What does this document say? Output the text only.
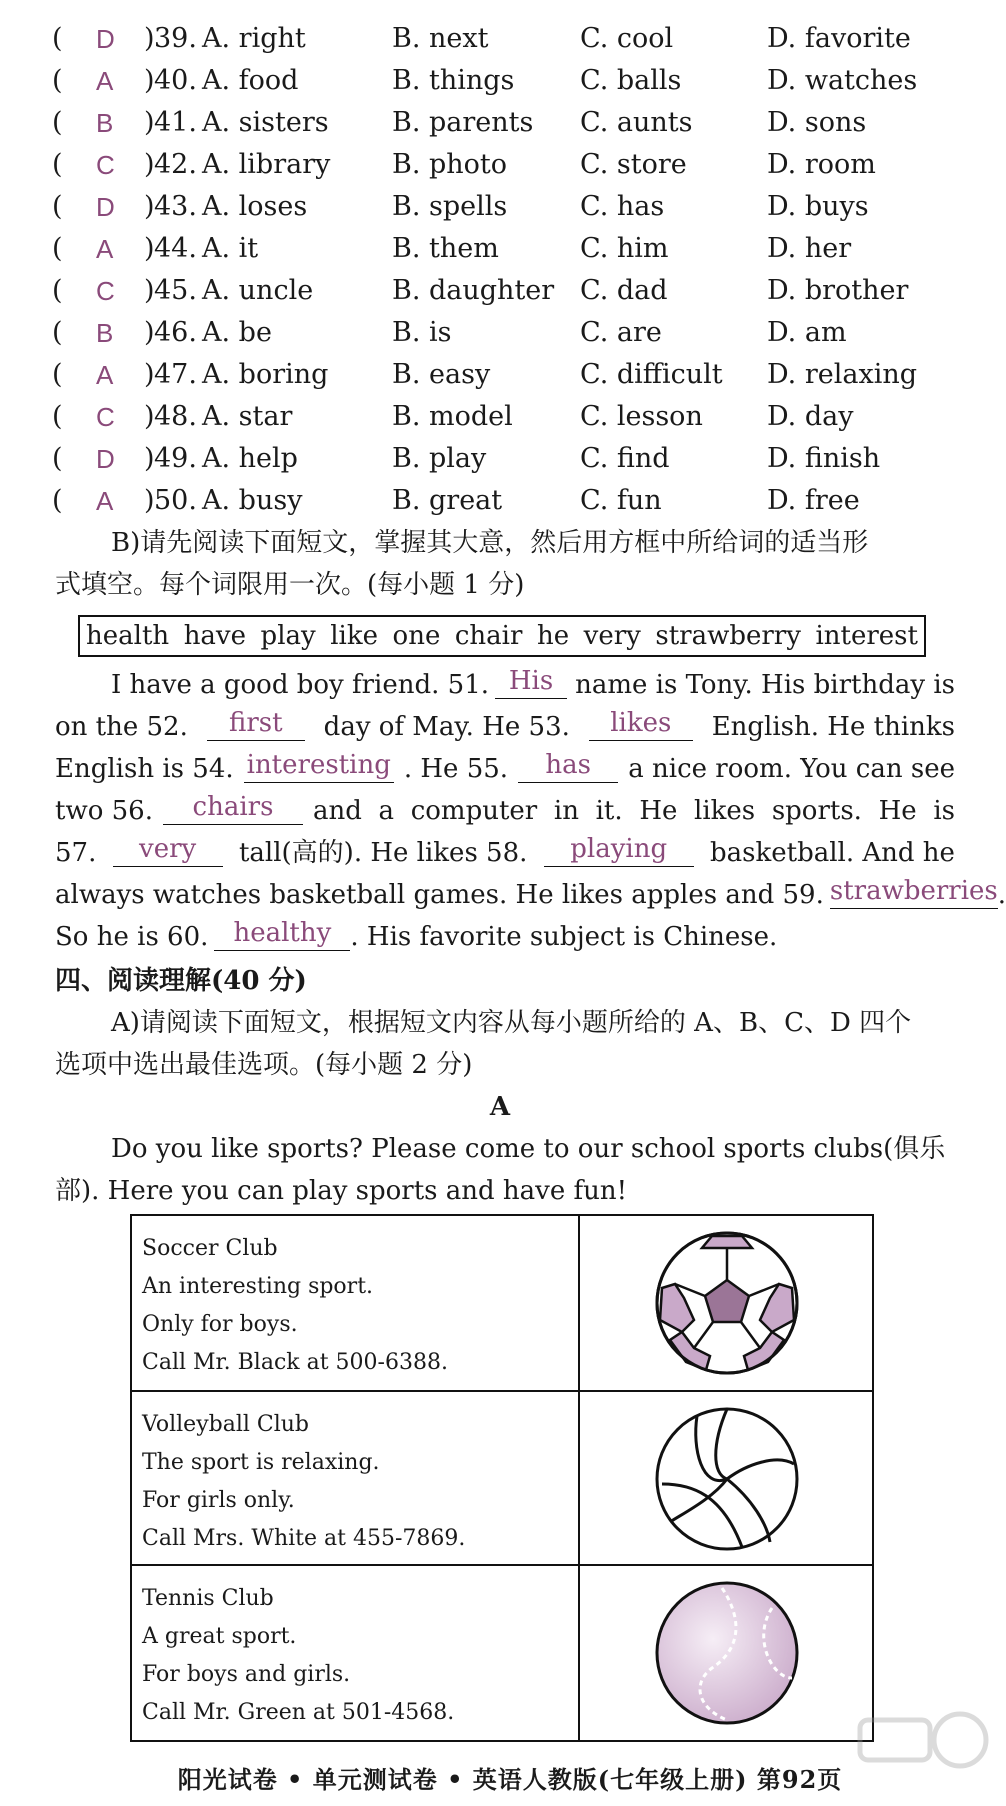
( D ) 39. A. right	B. next	C. cool	D. favorite
( A ) 40. A. food	B. things C. balls	D. watches
( B ) 41. A. sisters B. parents C. aunts	D. sons
( C ) 42. A. library B. photo	C. store	D. room
( D ) 43. A. loses	B. spells	C. has	D. buys
( A ) 44. A. it	B. them	C. him	D. her
( C ) 45. A. uncle	B. daughter C. dad	D. brother
( B ) 46. A. be	B. is	C. are	D. am
( A ) 47. A. boring B. easy	C. difficult D. relaxing
( C ) 48. A. star	B. model C. lesson D. day
( D ) 49. A. help	B. play	C. find	D. finish
( A ) 50. A. busy	B. great	C. fun	D. free
B)请先阅读下面短文，掌握其大意，然后用方框中所给词的适当形
式填空。每个词限用一次。(每小题 1 分)
health have play like one chair he very strawberry interest
I have a good boy friend. 51. His name is Tony. His birthday is
on the 52.	first	day of May. He 53.	likes	English. He thinks
English is 54. interesting . He 55.	has	a nice room. You can see
two 56.	chairs	and a computer in it. He likes sports. He is
57.	very	tall(高的). He likes 58.	playing	basketball. And he
always watches basketball games. He likes apples and 59. strawberries .
So he is 60. healthy . His favorite subject is Chinese.
四、阅读理解(40 分)
A)请阅读下面短文，根据短文内容从每小题所给的 A、B、C、D 四个
选项中选出最佳选项。(每小题 2 分)
A
Do you like sports? Please come to our school sports clubs(俱乐
部). Here you can play sports and have fun!
Soccer Club
An interesting sport.
Only for boys.
Call Mr. Black at 500-6388.
Volleyball Club
The sport is relaxing.
For girls only.
Call Mrs. White at 455-7869.
Tennis Club
A great sport.
For boys and girls.
Call Mr. Green at 501-4568.
阳光试卷 • 单元测试卷 • 英语人教版(七年级上册) 第92页
